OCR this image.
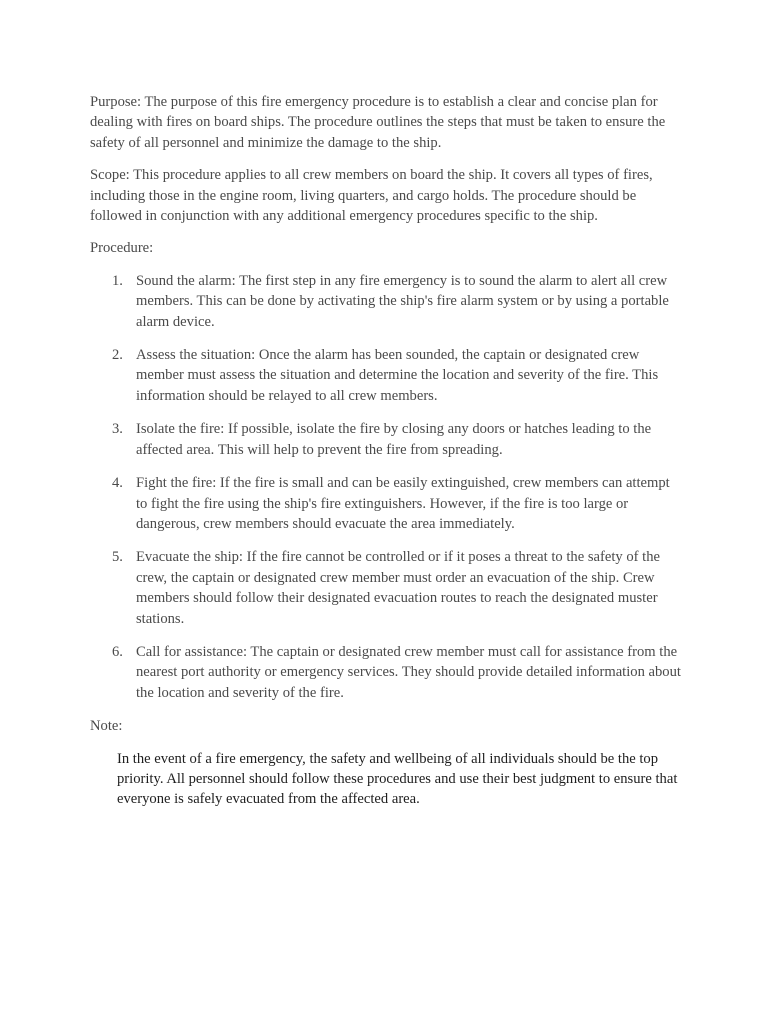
Purpose: The purpose of this fire emergency procedure is to establish a clear and concise plan for dealing with fires on board ships. The procedure outlines the steps that must be taken to ensure the safety of all personnel and minimize the damage to the ship.

Scope: This procedure applies to all crew members on board the ship. It covers all types of fires, including those in the engine room, living quarters, and cargo holds. The procedure should be followed in conjunction with any additional emergency procedures specific to the ship.

Procedure:

1. Sound the alarm: The first step in any fire emergency is to sound the alarm to alert all crew members. This can be done by activating the ship's fire alarm system or by using a portable alarm device.
2. Assess the situation: Once the alarm has been sounded, the captain or designated crew member must assess the situation and determine the location and severity of the fire. This information should be relayed to all crew members.
3. Isolate the fire: If possible, isolate the fire by closing any doors or hatches leading to the affected area. This will help to prevent the fire from spreading.
4. Fight the fire: If the fire is small and can be easily extinguished, crew members can attempt to fight the fire using the ship's fire extinguishers. However, if the fire is too large or dangerous, crew members should evacuate the area immediately.
5. Evacuate the ship: If the fire cannot be controlled or if it poses a threat to the safety of the crew, the captain or designated crew member must order an evacuation of the ship. Crew members should follow their designated evacuation routes to reach the designated muster stations.
6. Call for assistance: The captain or designated crew member must call for assistance from the nearest port authority or emergency services. They should provide detailed information about the location and severity of the fire.

Note:

In the event of a fire emergency, the safety and wellbeing of all individuals should be the top priority. All personnel should follow these procedures and use their best judgment to ensure that everyone is safely evacuated from the affected area.
